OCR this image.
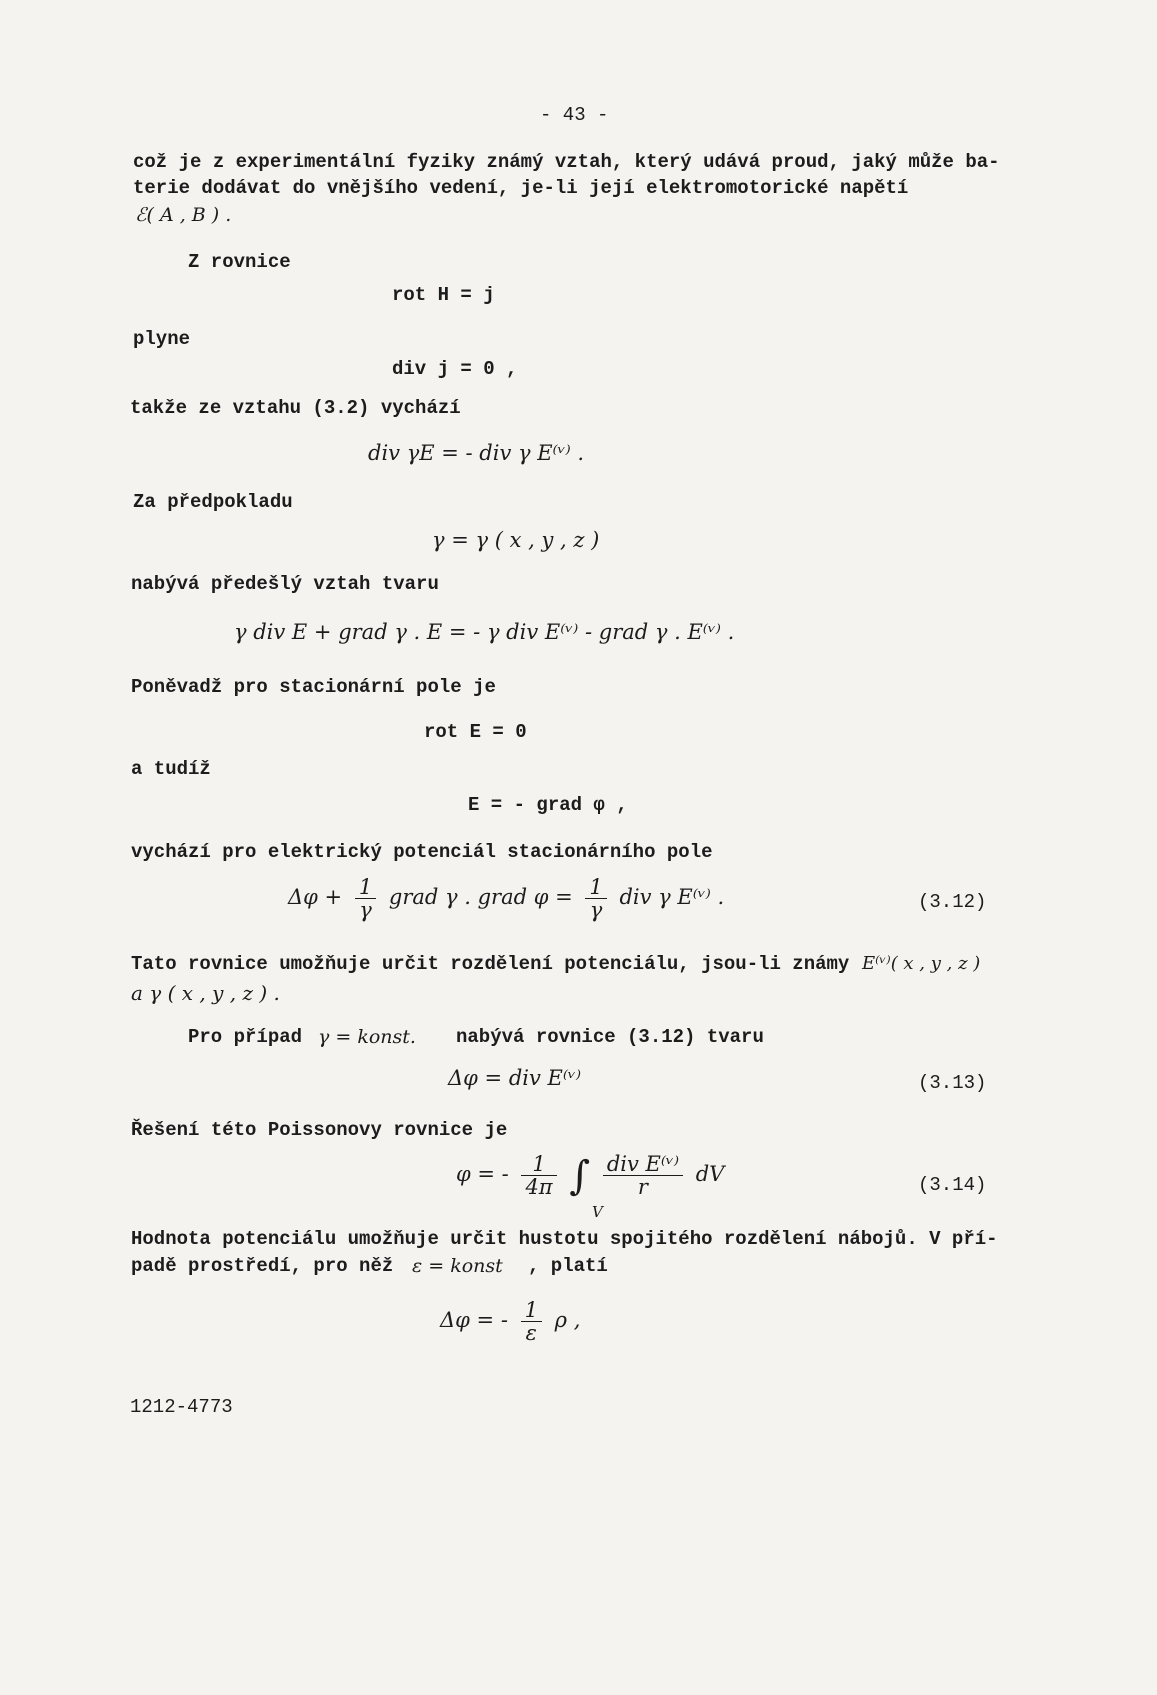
- 43 -
což je z experimentální fyziky známý vztah, který udává proud, jaký může ba-
terie dodávat do vnějšího vedení, je-li její elektromotorické napětí
ℰ( A , B ) .
Z rovnice
rot H = j
plyne
div j = 0 ,
takže ze vztahu (3.2) vychází
div γE = - div γ E⁽ᵛ⁾ .
Za předpokladu
γ = γ ( x , y , z )
nabývá předešlý vztah tvaru
γ div E + grad γ . E = - γ div E⁽ᵛ⁾ - grad γ . E⁽ᵛ⁾ .
Poněvadž pro stacionární pole je
rot E = 0
a tudíž
E = - grad φ ,
vychází pro elektrický potenciál stacionárního pole
$\Delta\varphi + \frac{1}{\gamma}$ grad γ . grad $\varphi = \frac{1}{\gamma}$ div γ E⁽ᵛ⁾ .	(3.12)
Tato rovnice umožňuje určit rozdělení potenciálu, jsou-li známy E⁽ᵛ⁾( x , y , z )
a γ ( x , y , z ) .
Pro případ γ = konst. nabývá rovnice (3.12) tvaru
Δφ = div E⁽ᵛ⁾	(3.13)
Řešení této Poissonovy rovnice je
φ = - $\frac{1}{4\pi}$ ∫ $\frac{\text{div E⁽ᵛ⁾}}{r}$ dV
V
(3.14)
Hodnota potenciálu umožňuje určit hustotu spojitého rozdělení nábojů. V pří-
padě prostředí, pro něž ε = konst , platí
Δφ = - $\frac{1}{\varepsilon}$ ρ ,
1212-4773
